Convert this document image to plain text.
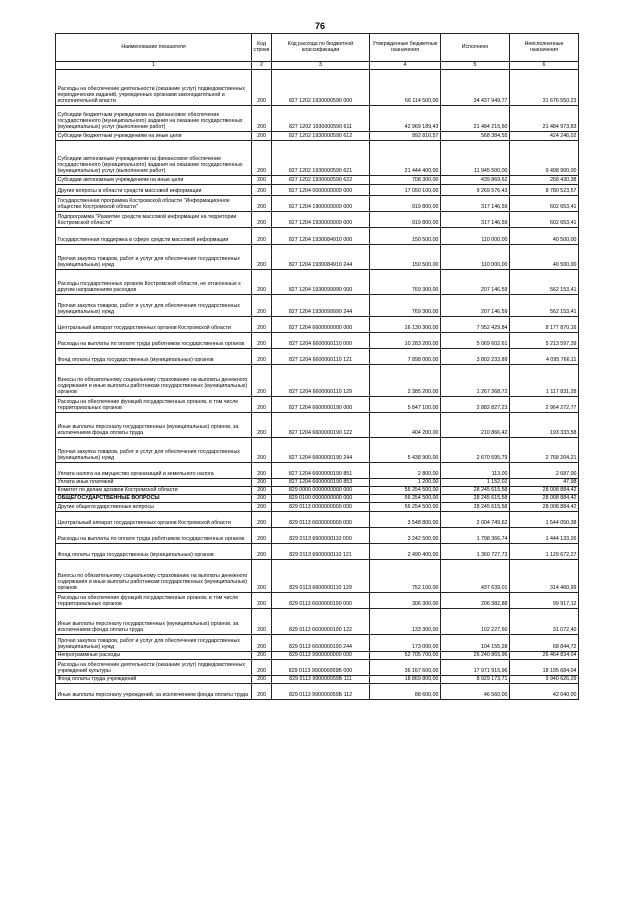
76
Наименование показателя	Код строки	Код расхода по бюджетной классификации	Утвержденные бюджетные назначения	Исполнено	Неисполненные назначения
1	2	3	4	5	6
Расходы на обеспечение деятельности (оказание услуг) подведомственных периодических изданий, учрежденных органами законодательной и исполнительной власти	200	827 1202 1930000590 000	66 114 500,00	34 437 949,77	31 676 550,23
Субсидии бюджетным учреждениям на финансовое обеспечение государственного (муниципального) задания на оказание государственных (муниципальных) услуг (выполнение работ)	200	827 1202 1930000590 611	42 969 189,43	21 484 215,60	21 484 973,83
Субсидии бюджетным учреждениям на иные цели	200	827 1202 1930000590 612	992 810,57	568 384,55	424 246,02
Субсидии автономным учреждениям на финансовое обеспечение государственного (муниципального) задания на оказание государственных (муниципальных) услуг (выполнение работ)	200	827 1202 1930000590 621	21 444 400,00	11 945 500,00	9 498 900,00
Субсидии автономным учреждениям на иные цели	200	827 1202 1930000590 622	708 300,00	439 869,62	268 430,38
Другие вопросы в области средств массовой информации	200	827 1204 0000000000 000	17 050 100,00	9 269 576,43	8 780 523,57
Государственная программа Костромской области "Информационное общество Костромской области"	200	827 1204 1900000000 000	919 800,00	317 146,59	602 653,41
Подпрограмма "Развитие средств массовой информации на территории Костромской области"	200	827 1204 1930000000 000	919 800,00	317 146,59	602 653,41
Государственная поддержка в сфере средств массовой информации	200	827 1204 1930084910 000	150 500,00	110 000,00	40 500,00
Прочая закупка товаров, работ и услуг для обеспечения государственных (муниципальных) нужд	200	827 1204 1930084910 244	150 500,00	110 000,00	40 500,00
Расходы государственных органов Костромской области, не отнесенные к другим направлениям расходов	200	827 1204 1930099990 000	769 300,00	207 146,59	562 153,41
Прочая закупка товаров, работ и услуг для обеспечения государственных (муниципальных) нужд	200	827 1204 1930099990 244	769 300,00	207 146,59	562 153,41
Центральный аппарат государственных органов Костромской области	200	827 1204 6600000000 000	16 130 300,00	7 952 429,84	8 177 870,16
Расходы на выплаты по оплате труда работников государственных органов	200	827 1204 6600000110 000	10 283 200,00	5 069 602,61	5 213 597,39
Фонд оплаты труда государственных (муниципальных) органов	200	827 1204 6600000110 121	7 898 000,00	3 802 233,89	4 095 766,11
Взносы по обязательному социальному страхованию на выплаты денежного содержания и иные выплаты работникам государственных (муниципальных) органов	200	827 1204 6600000110 129	2 385 200,00	1 267 368,72	1 117 831,28
Расходы на обеспечение функций государственных органов, в том числе территориальных органов	200	827 1204 6600000190 000	5 847 100,00	2 882 827,23	2 964 272,77
Иные выплаты персоналу государственных (муниципальных) органов, за исключением фонда оплаты труда	200	827 1204 6600000190 122	404 200,00	210 866,42	193 333,58
Прочая закупка товаров, работ и услуг для обеспечения государственных (муниципальных) нужд	200	827 1204 6600000190 244	5 438 900,00	2 670 695,79	2 768 204,21
Уплата налога на имущество организаций и земельного налога	200	827 1204 6600000190 851	2 800,00	113,00	2 687,00
Уплата иных платежей	200	827 1204 6600000190 853	1 200,00	1 152,02	47,98
Комитет по делам архивов Костромской области	200	829 0000 0000000000 000	56 254 500,00	28 245 615,58	28 008 884,42
ОБЩЕГОСУДАРСТВЕННЫЕ ВОПРОСЫ	200	829 0100 0000000000 000	56 254 500,00	28 245 615,58	28 008 884,42
Другие общегосударственные вопросы	200	829 0113 0000000000 000	56 254 500,00	28 245 615,58	28 008 884,42
Центральный аппарат государственных органов Костромской области	200	829 0113 6600000000 000	3 548 800,00	2 004 749,62	1 544 050,38
Расходы на выплаты по оплате труда работников государственных органов	200	829 0113 6600000110 000	3 242 500,00	1 798 366,74	1 444 133,26
Фонд оплаты труда государственных (муниципальных) органов	200	829 0113 6600000110 121	2 490 400,00	1 360 727,73	1 129 672,27
Взносы по обязательному социальному страхованию на выплаты денежного содержания и иные выплаты работникам государственных (муниципальных) органов	200	829 0113 6600000110 129	752 100,00	437 639,01	314 460,99
Расходы на обеспечение функций государственных органов, в том числе территориальных органов	200	829 0113 6600000190 000	306 300,00	206 382,88	99 917,12
Иные выплаты персоналу государственных (муниципальных) органов, за исключением фонда оплаты труда	200	829 0113 6600000190 122	133 300,00	102 227,60	31 072,40
Прочая закупка товаров, работ и услуг для обеспечения государственных (муниципальных) нужд	200	829 0113 6600000190 244	173 000,00	104 155,28	68 844,72
Непрограммные расходы	200	829 0113 9900000000 000	52 705 700,00	26 240 865,96	26 464 834,04
Расходы на обеспечение деятельности (оказание услуг) подведомственных учреждений культуры	200	829 0113 990000059Б 000	36 167 600,00	17 971 915,96	18 195 684,04
Фонд оплаты труда учреждений	200	829 0113 990000059Б 111	18 869 800,00	8 929 173,71	9 940 626,29
Иные выплаты персоналу учреждений, за исключением фонда оплаты труда	200	829 0113 990000059Б 112	88 600,00	46 560,00	42 040,00
